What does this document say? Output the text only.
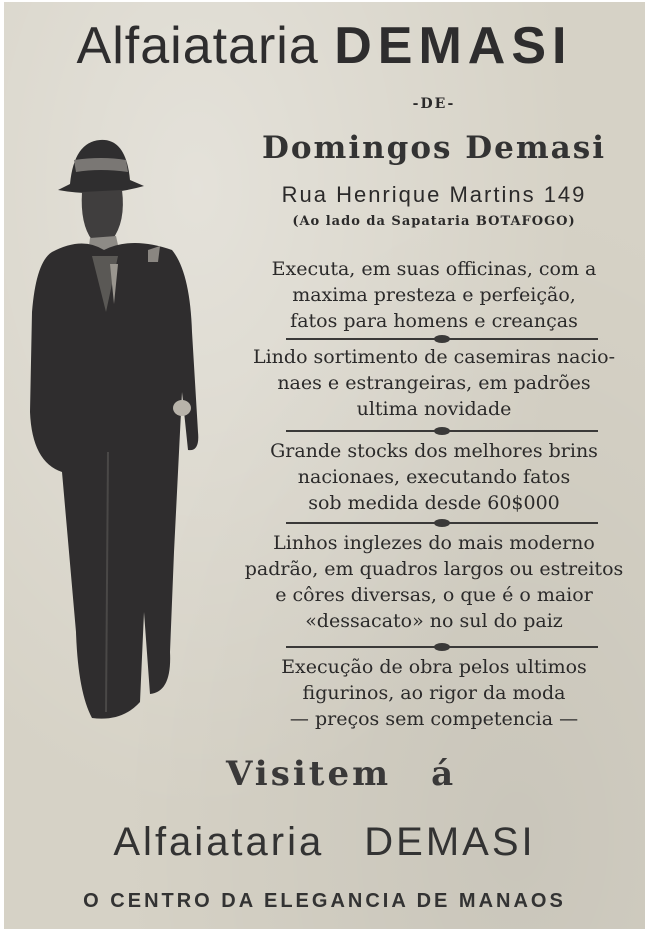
Alfaiataria DEMASI
-DE-
Domingos Demasi
Rua Henrique Martins 149
(Ao lado da Sapataria BOTAFOGO)
Executa, em suas officinas, com a
maxima presteza e perfeição,
fatos para homens e creanças
Lindo sortimento de casemiras nacio-
naes e estrangeiras, em padrões
ultima novidade
Grande stocks dos melhores brins
nacionaes, executando fatos
sob medida desde 60$000
Linhos inglezes do mais moderno
padrão, em quadros largos ou estreitos
e côres diversas, o que é o maior
«dessacato» no sul do paiz
Execução de obra pelos ultimos
figurinos, ao rigor da moda
— preços sem competencia —
Visitem á
Alfaiataria DEMASI
O CENTRO DA ELEGANCIA DE MANAOS
